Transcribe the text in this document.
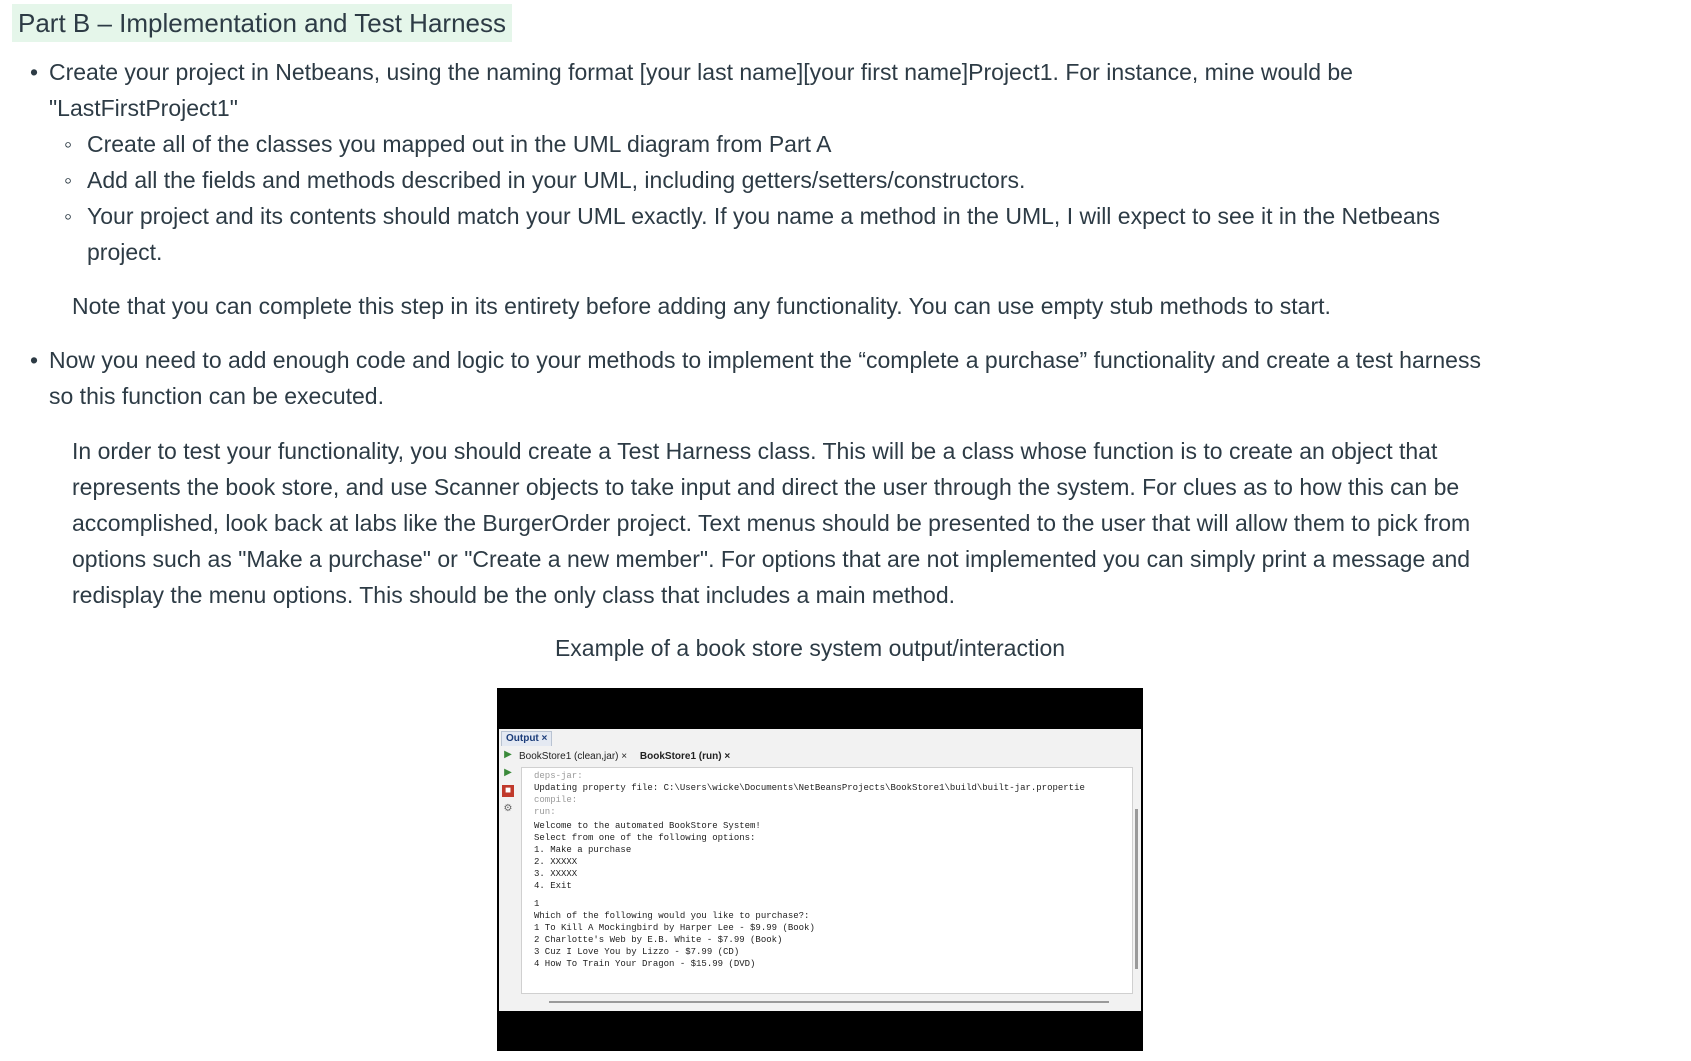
Part B – Implementation and Test Harness
•
Create your project in Netbeans, using the naming format [your last name][your first name]Project1. For instance, mine would be
"LastFirstProject1"
◦
Create all of the classes you mapped out in the UML diagram from Part A
◦
Add all the fields and methods described in your UML, including getters/setters/constructors.
◦
Your project and its contents should match your UML exactly. If you name a method in the UML, I will expect to see it in the Netbeans
project.
Note that you can complete this step in its entirety before adding any functionality. You can use empty stub methods to start.
•
Now you need to add enough code and logic to your methods to implement the “complete a purchase” functionality and create a test harness
so this function can be executed.
In order to test your functionality, you should create a Test Harness class. This will be a class whose function is to create an object that
represents the book store, and use Scanner objects to take input and direct the user through the system. For clues as to how this can be
accomplished, look back at labs like the BurgerOrder project. Text menus should be presented to the user that will allow them to pick from
options such as "Make a purchase" or "Create a new member". For options that are not implemented you can simply print a message and
redisplay the menu options. This should be the only class that includes a main method.
Example of a book store system output/interaction
Output ×
BookStore1 (clean,jar) × BookStore1 (run) ×
▶
▶
■
⚙
deps-jar:
Updating property file: C:\Users\wicke\Documents\NetBeansProjects\BookStore1\build\built-jar.propertie
compile:
run:
Welcome to the automated BookStore System!
Select from one of the following options:
1. Make a purchase
2. XXXXX
3. XXXXX
4. Exit
1
Which of the following would you like to purchase?:
1 To Kill A Mockingbird by Harper Lee - $9.99 (Book)
2 Charlotte's Web by E.B. White - $7.99 (Book)
3 Cuz I Love You by Lizzo - $7.99 (CD)
4 How To Train Your Dragon - $15.99 (DVD)
